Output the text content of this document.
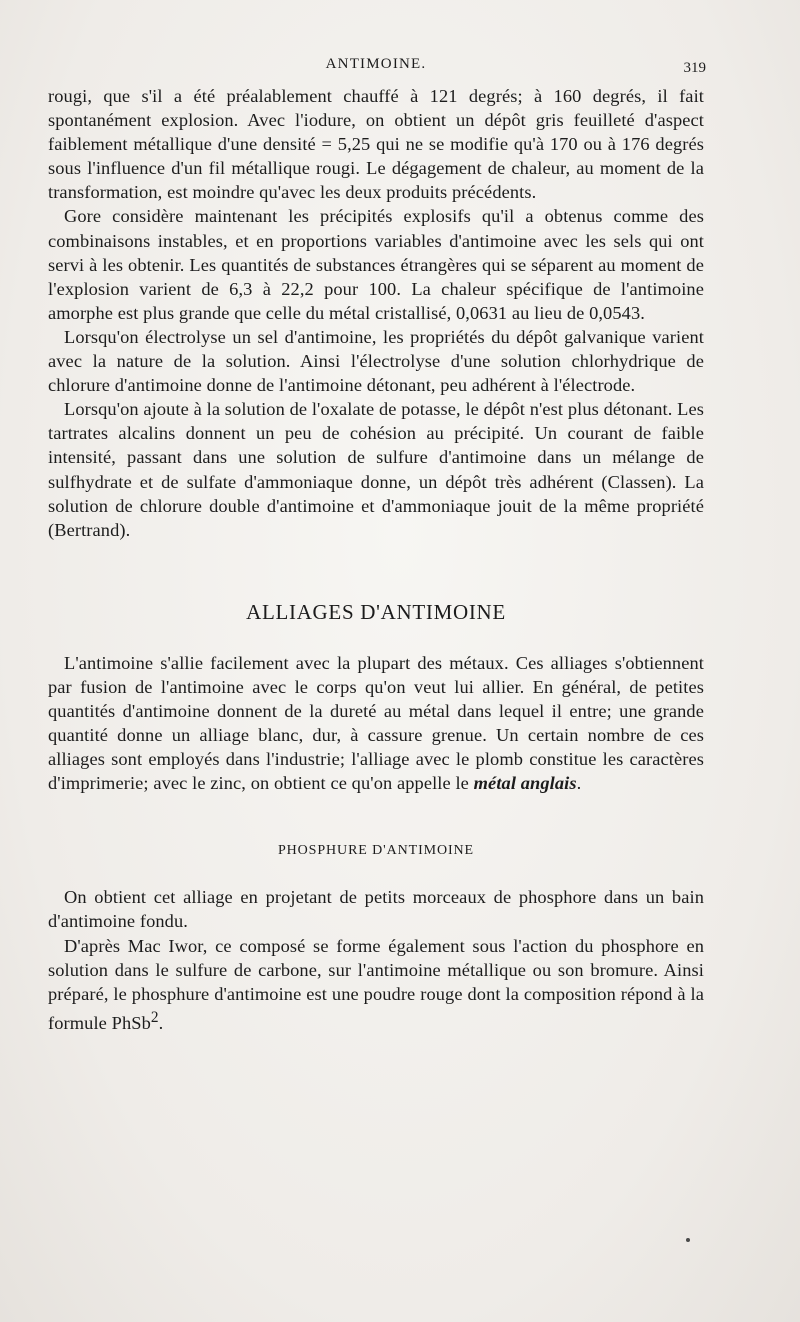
ANTIMOINE.	319

rougi, que s'il a été préalablement chauffé à 121 degrés; à 160 degrés, il fait spontanément explosion. Avec l'iodure, on obtient un dépôt gris feuilleté d'aspect faiblement métallique d'une densité = 5,25 qui ne se modifie qu'à 170 ou à 176 degrés sous l'influence d'un fil métallique rougi. Le dégagement de chaleur, au moment de la transformation, est moindre qu'avec les deux produits précédents.

Gore considère maintenant les précipités explosifs qu'il a obtenus comme des combinaisons instables, et en proportions variables d'antimoine avec les sels qui ont servi à les obtenir. Les quantités de substances étrangères qui se séparent au moment de l'explosion varient de 6,3 à 22,2 pour 100. La chaleur spécifique de l'antimoine amorphe est plus grande que celle du métal cristallisé, 0,0631 au lieu de 0,0543.

Lorsqu'on électrolyse un sel d'antimoine, les propriétés du dépôt galvanique varient avec la nature de la solution. Ainsi l'électrolyse d'une solution chlorhydrique de chlorure d'antimoine donne de l'antimoine détonant, peu adhérent à l'électrode.

Lorsqu'on ajoute à la solution de l'oxalate de potasse, le dépôt n'est plus détonant. Les tartrates alcalins donnent un peu de cohésion au précipité. Un courant de faible intensité, passant dans une solution de sulfure d'antimoine dans un mélange de sulfhydrate et de sulfate d'ammoniaque donne, un dépôt très adhérent (Classen). La solution de chlorure double d'antimoine et d'ammoniaque jouit de la même propriété (Bertrand).

ALLIAGES D'ANTIMOINE

L'antimoine s'allie facilement avec la plupart des métaux. Ces alliages s'obtiennent par fusion de l'antimoine avec le corps qu'on veut lui allier. En général, de petites quantités d'antimoine donnent de la dureté au métal dans lequel il entre; une grande quantité donne un alliage blanc, dur, à cassure grenue. Un certain nombre de ces alliages sont employés dans l'industrie; l'alliage avec le plomb constitue les caractères d'imprimerie; avec le zinc, on obtient ce qu'on appelle le métal anglais.

PHOSPHURE D'ANTIMOINE

On obtient cet alliage en projetant de petits morceaux de phosphore dans un bain d'antimoine fondu.

D'après Mac Iwor, ce composé se forme également sous l'action du phosphore en solution dans le sulfure de carbone, sur l'antimoine métallique ou son bromure. Ainsi préparé, le phosphure d'antimoine est une poudre rouge dont la composition répond à la formule PhSb$^2$.
